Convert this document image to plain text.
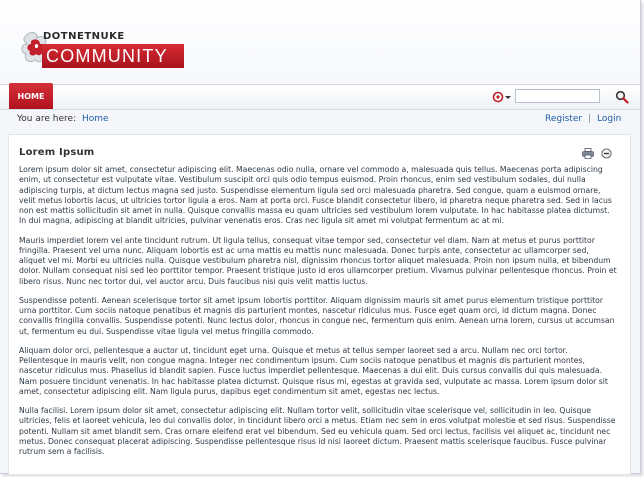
DOTNETNUKE
COMMUNITY
HOME
You are here: Home	Register | Login
Lorem Ipsum

Lorem ipsum dolor sit amet, consectetur adipiscing elit. Maecenas odio nulla, ornare vel commodo a, malesuada quis tellus. Maecenas porta adipiscing enim, ut consectetur est vulputate vitae. Vestibulum suscipit orci quis odio tempus euismod. Proin rhoncus, enim sed vestibulum sodales, dui nulla adipiscing turpis, at dictum lectus magna sed justo. Suspendisse elementum ligula sed orci malesuada pharetra. Sed congue, quam a euismod ornare, velit metus lobortis lacus, ut ultricies tortor ligula a eros. Nam at porta orci. Fusce blandit consectetur libero, id pharetra neque pharetra sed. Sed in lacus non est mattis sollicitudin sit amet in nulla. Quisque convallis massa eu quam ultricies sed vestibulum lorem vulputate. In hac habitasse platea dictumst. In dui magna, adipiscing at blandit ultricies, pulvinar venenatis eros. Cras nec ligula sit amet mi volutpat fermentum ac at mi.

Mauris imperdiet lorem vel ante tincidunt rutrum. Ut ligula tellus, consequat vitae tempor sed, consectetur vel diam. Nam at metus et purus porttitor fringilla. Praesent vel urna nunc. Aliquam lobortis est ac urna mattis eu mattis nunc malesuada. Donec turpis ante, consectetur ac ullamcorper sed, aliquet vel mi. Morbi eu ultricies nulla. Quisque vestibulum pharetra nisl, dignissim rhoncus tortor aliquet malesuada. Proin non ipsum nulla, et bibendum dolor. Nullam consequat nisi sed leo porttitor tempor. Praesent tristique justo id eros ullamcorper pretium. Vivamus pulvinar pellentesque rhoncus. Proin et libero risus. Nunc nec tortor dui, vel auctor arcu. Duis faucibus nisi quis velit mattis luctus.

Suspendisse potenti. Aenean scelerisque tortor sit amet ipsum lobortis porttitor. Aliquam dignissim mauris sit amet purus elementum tristique porttitor urna porttitor. Cum sociis natoque penatibus et magnis dis parturient montes, nascetur ridiculus mus. Fusce eget quam orci, id dictum magna. Donec convallis fringilla convallis. Suspendisse potenti. Nunc lectus dolor, rhoncus in congue nec, fermentum quis enim. Aenean urna lorem, cursus ut accumsan ut, fermentum eu dui. Suspendisse vitae ligula vel metus fringilla commodo.

Aliquam dolor orci, pellentesque a auctor ut, tincidunt eget urna. Quisque et metus at tellus semper laoreet sed a arcu. Nullam nec orci tortor. Pellentesque in mauris velit, non congue magna. Integer nec condimentum ipsum. Cum sociis natoque penatibus et magnis dis parturient montes, nascetur ridiculus mus. Phasellus id blandit sapien. Fusce luctus imperdiet pellentesque. Maecenas a dui elit. Duis cursus convallis dui quis malesuada. Nam posuere tincidunt venenatis. In hac habitasse platea dictumst. Quisque risus mi, egestas at gravida sed, vulputate ac massa. Lorem ipsum dolor sit amet, consectetur adipiscing elit. Nam ligula purus, dapibus eget condimentum sit amet, egestas nec lectus.

Nulla facilisi. Lorem ipsum dolor sit amet, consectetur adipiscing elit. Nullam tortor velit, sollicitudin vitae scelerisque vel, sollicitudin in leo. Quisque ultricies, felis et laoreet vehicula, leo dui convallis dolor, in tincidunt libero orci a metus. Etiam nec sem in eros volutpat molestie et sed risus. Suspendisse potenti. Nullam sit amet blandit sem. Cras ornare eleifend erat vel bibendum. Sed eu vehicula quam. Sed orci lectus, facilisis vel aliquet ac, tincidunt nec metus. Donec consequat placerat adipiscing. Suspendisse pellentesque risus id nisi laoreet dictum. Praesent mattis scelerisque faucibus. Fusce pulvinar rutrum sem a facilisis.
